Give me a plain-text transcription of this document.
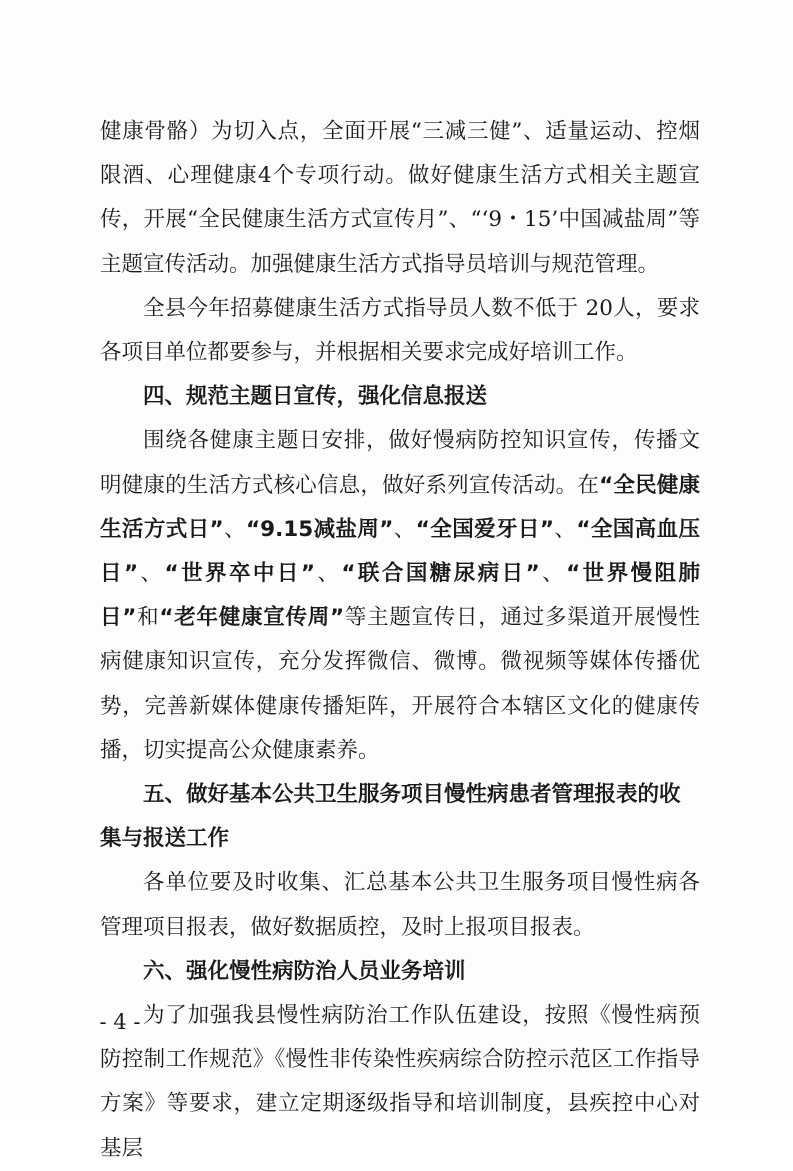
健康骨骼）为切入点，全面开展“三减三健”、适量运动、控烟限酒、心理健康4个专项行动。做好健康生活方式相关主题宣传，开展“全民健康生活方式宣传月”、“‘9・15’中国减盐周”等主题宣传活动。加强健康生活方式指导员培训与规范管理。

全县今年招募健康生活方式指导员人数不低于 20人，要求各项目单位都要参与，并根据相关要求完成好培训工作。

四、规范主题日宣传，强化信息报送

围绕各健康主题日安排，做好慢病防控知识宣传，传播文明健康的生活方式核心信息，做好系列宣传活动。在“全民健康生活方式日”、“9.15减盐周”、“全国爱牙日”、“全国高血压日”、“世界卒中日”、“联合国糖尿病日”、“世界慢阻肺日”和“老年健康宣传周”等主题宣传日，通过多渠道开展慢性病健康知识宣传，充分发挥微信、微博。微视频等媒体传播优势，完善新媒体健康传播矩阵，开展符合本辖区文化的健康传播，切实提高公众健康素养。

五、做好基本公共卫生服务项目慢性病患者管理报表的收集与报送工作

各单位要及时收集、汇总基本公共卫生服务项目慢性病各管理项目报表，做好数据质控，及时上报项目报表。

六、强化慢性病防治人员业务培训

为了加强我县慢性病防治工作队伍建设，按照《慢性病预防控制工作规范》《慢性非传染性疾病综合防控示范区工作指导方案》等要求，建立定期逐级指导和培训制度，县疾控中心对基层

- 4 -
